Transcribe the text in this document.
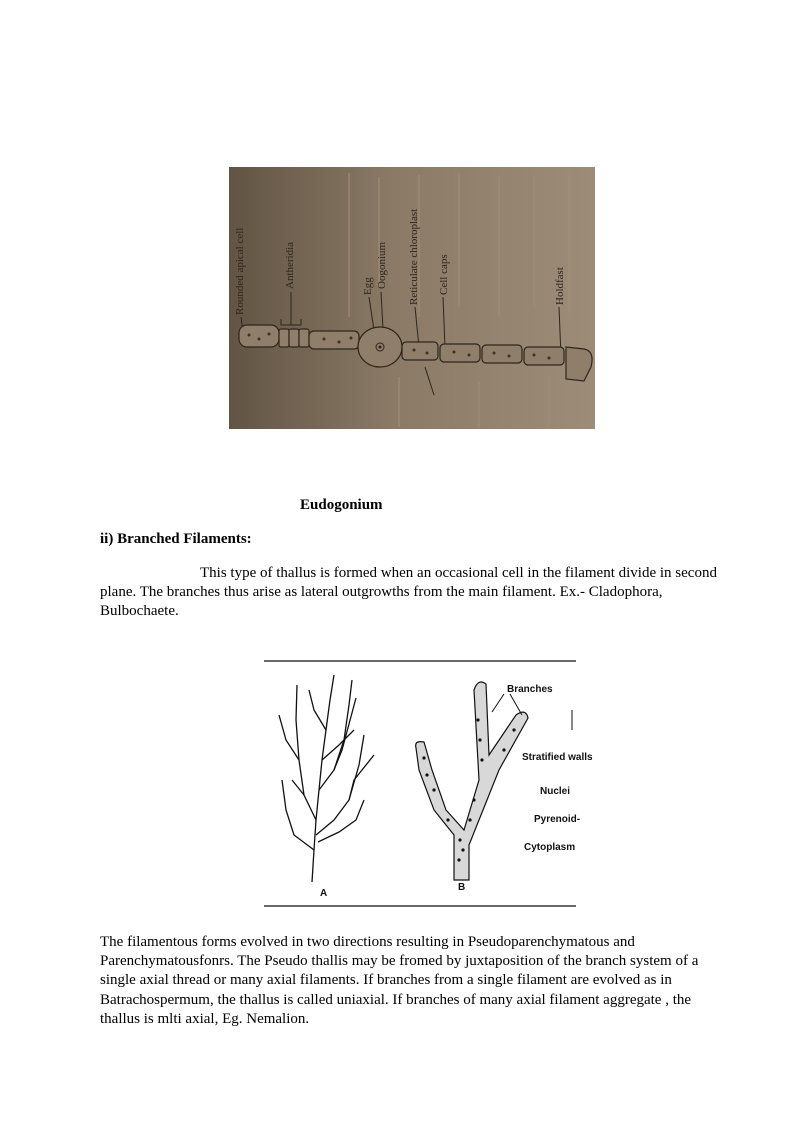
Rounded apical cell	Antheridia	Egg Oogonium Reticulate chloroplast Cell caps	Holdfast
Eudogonium
ii) Branched Filaments:
This type of thallus is formed when an occasional cell in the filament divide in second plane. The branches thus arise as lateral outgrowths from the main filament. Ex.- Cladophora, Bulbochaete.
Branches
Stratified walls
Nuclei
Pyrenoid-
Cytoplasm
A
B
The filamentous forms evolved in two directions resulting in Pseudoparenchymatous and Parenchymatousfonrs. The Pseudo thallis may be fromed by juxtaposition of the branch system of a single axial thread or many axial filaments. If branches from a single filament are evolved as in Batrachospermum, the thallus is called uniaxial. If branches of many axial filament aggregate , the thallus is mlti axial, Eg. Nemalion.
